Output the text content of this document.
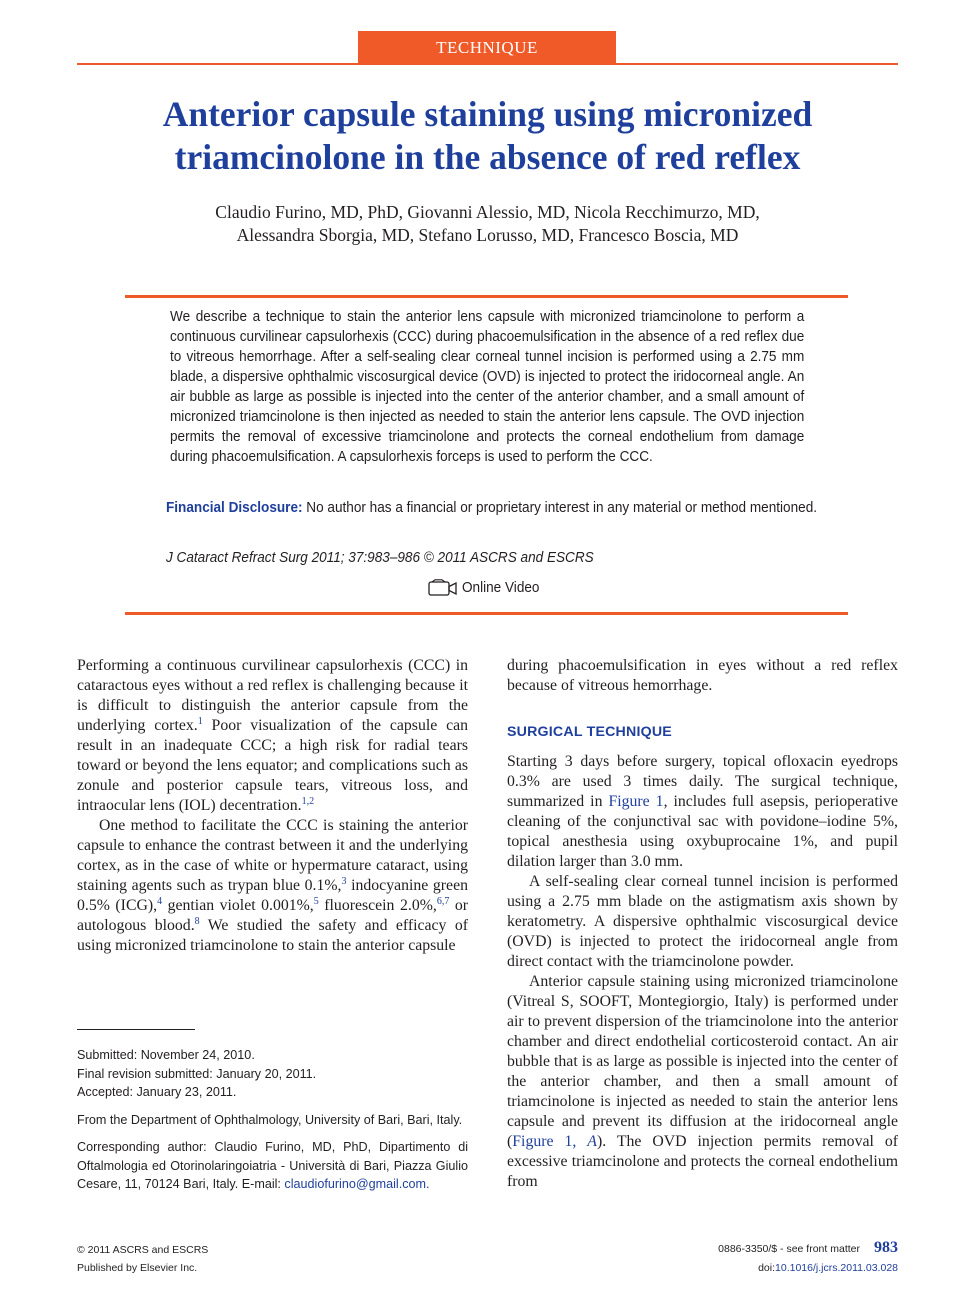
TECHNIQUE
Anterior capsule staining using micronized
triamcinolone in the absence of red reflex
Claudio Furino, MD, PhD, Giovanni Alessio, MD, Nicola Recchimurzo, MD,
Alessandra Sborgia, MD, Stefano Lorusso, MD, Francesco Boscia, MD

We describe a technique to stain the anterior lens capsule with micronized triamcinolone to perform a continuous curvilinear capsulorhexis (CCC) during phacoemulsification in the absence of a red reflex due to vitreous hemorrhage. After a self-sealing clear corneal tunnel incision is performed using a 2.75 mm blade, a dispersive ophthalmic viscosurgical device (OVD) is injected to protect the iridocorneal angle. An air bubble as large as possible is injected into the center of the anterior chamber, and a small amount of micronized triamcinolone is then injected as needed to stain the anterior lens capsule. The OVD injection permits the removal of excessive triamcinolone and protects the corneal endothelium from damage during phacoemulsification. A capsulorhexis forceps is used to perform the CCC.

Financial Disclosure: No author has a financial or proprietary interest in any material or method mentioned.

J Cataract Refract Surg 2011; 37:983–986 © 2011 ASCRS and ESCRS

Online Video

Performing a continuous curvilinear capsulorhexis (CCC) in cataractous eyes without a red reflex is challenging because it is difficult to distinguish the anterior capsule from the underlying cortex.$^1$ Poor visualization of the capsule can result in an inadequate CCC; a high risk for radial tears toward or beyond the lens equator; and complications such as zonule and posterior capsule tears, vitreous loss, and intraocular lens (IOL) decentration.$^{1,2}$

One method to facilitate the CCC is staining the anterior capsule to enhance the contrast between it and the underlying cortex, as in the case of white or hypermature cataract, using staining agents such as trypan blue 0.1%,$^3$ indocyanine green 0.5% (ICG),$^4$ gentian violet 0.001%,$^5$ fluorescein 2.0%,$^{6,7}$ or autologous blood.$^8$ We studied the safety and efficacy of using micronized triamcinolone to stain the anterior capsule

during phacoemulsification in eyes without a red reflex because of vitreous hemorrhage.

SURGICAL TECHNIQUE

Starting 3 days before surgery, topical ofloxacin eyedrops 0.3% are used 3 times daily. The surgical technique, summarized in Figure 1, includes full asepsis, perioperative cleaning of the conjunctival sac with povidone–iodine 5%, topical anesthesia using oxybuprocaine 1%, and pupil dilation larger than 3.0 mm.

A self-sealing clear corneal tunnel incision is performed using a 2.75 mm blade on the astigmatism axis shown by keratometry. A dispersive ophthalmic viscosurgical device (OVD) is injected to protect the iridocorneal angle from direct contact with the triamcinolone powder.

Anterior capsule staining using micronized triamcinolone (Vitreal S, SOOFT, Montegiorgio, Italy) is performed under air to prevent dispersion of the triamcinolone into the anterior chamber and direct endothelial corticosteroid contact. An air bubble that is as large as possible is injected into the center of the anterior chamber, and then a small amount of triamcinolone is injected as needed to stain the anterior lens capsule and prevent its diffusion at the iridocorneal angle (Figure 1, A). The OVD injection permits removal of excessive triamcinolone and protects the corneal endothelium from

Submitted: November 24, 2010.
Final revision submitted: January 20, 2011.
Accepted: January 23, 2011.
From the Department of Ophthalmology, University of Bari, Bari, Italy.
Corresponding author: Claudio Furino, MD, PhD, Dipartimento di Oftalmologia ed Otorinolaringoiatria - Università di Bari, Piazza Giulio Cesare, 11, 70124 Bari, Italy. E-mail: claudiofurino@gmail.com.
© 2011 ASCRS and ESCRS
Published by Elsevier Inc.
0886-3350/$ - see front matter 983
doi:10.1016/j.jcrs.2011.03.028
